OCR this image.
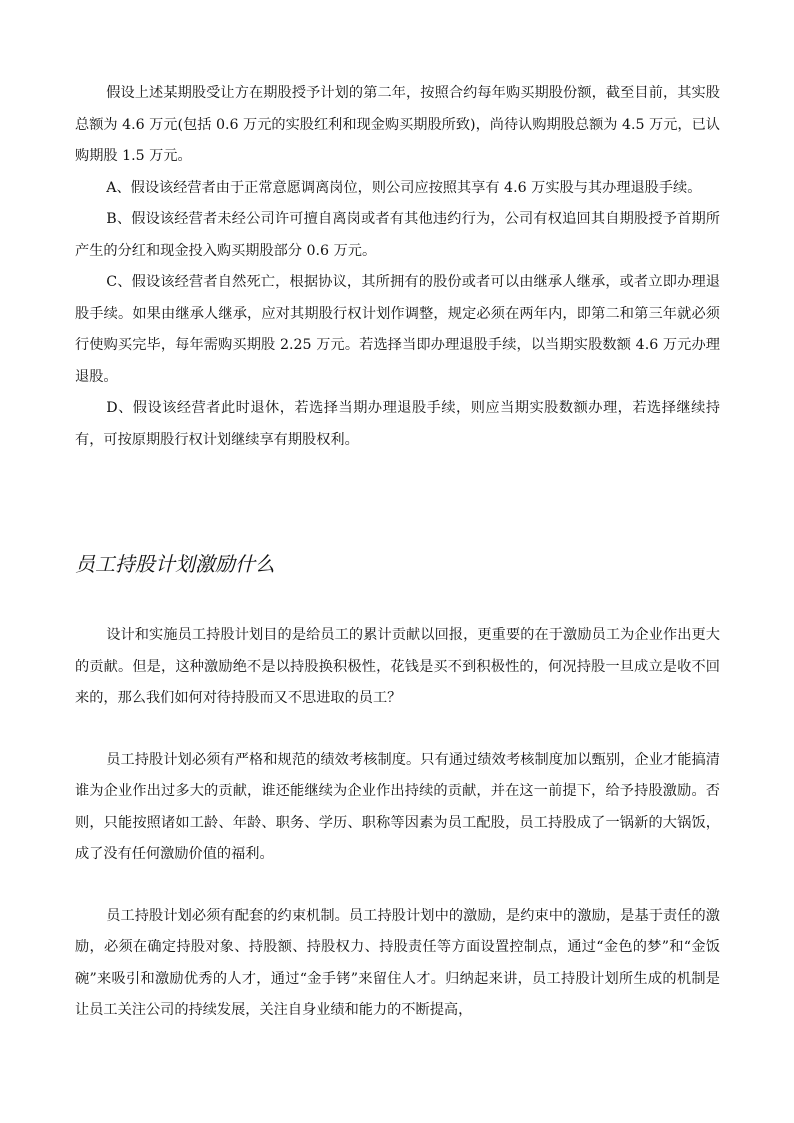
假设上述某期股受让方在期股授予计划的第二年，按照合约每年购买期股份额，截至目前，其实股总额为 4.6 万元(包括 0.6 万元的实股红利和现金购买期股所致)，尚待认购期股总额为 4.5 万元，已认购期股 1.5 万元。

A、假设该经营者由于正常意愿调离岗位，则公司应按照其享有 4.6 万实股与其办理退股手续。

B、假设该经营者未经公司许可擅自离岗或者有其他违约行为，公司有权追回其自期股授予首期所产生的分红和现金投入购买期股部分 0.6 万元。

C、假设该经营者自然死亡，根据协议，其所拥有的股份或者可以由继承人继承，或者立即办理退股手续。如果由继承人继承，应对其期股行权计划作调整，规定必须在两年内，即第二和第三年就必须行使购买完毕，每年需购买期股 2.25 万元。若选择当即办理退股手续，以当期实股数额 4.6 万元办理退股。

D、假设该经营者此时退休，若选择当期办理退股手续，则应当期实股数额办理，若选择继续持有，可按原期股行权计划继续享有期股权利。

员工持股计划激励什么

设计和实施员工持股计划目的是给员工的累计贡献以回报，更重要的在于激励员工为企业作出更大的贡献。但是，这种激励绝不是以持股换积极性，花钱是买不到积极性的，何况持股一旦成立是收不回来的，那么我们如何对待持股而又不思进取的员工？

员工持股计划必须有严格和规范的绩效考核制度。只有通过绩效考核制度加以甄别，企业才能搞清谁为企业作出过多大的贡献，谁还能继续为企业作出持续的贡献，并在这一前提下，给予持股激励。否则，只能按照诸如工龄、年龄、职务、学历、职称等因素为员工配股，员工持股成了一锅新的大锅饭，成了没有任何激励价值的福利。

员工持股计划必须有配套的约束机制。员工持股计划中的激励，是约束中的激励，是基于责任的激励，必须在确定持股对象、持股额、持股权力、持股责任等方面设置控制点，通过“金色的梦”和“金饭碗”来吸引和激励优秀的人才，通过“金手铐”来留住人才。归纳起来讲，员工持股计划所生成的机制是让员工关注公司的持续发展，关注自身业绩和能力的不断提高，
